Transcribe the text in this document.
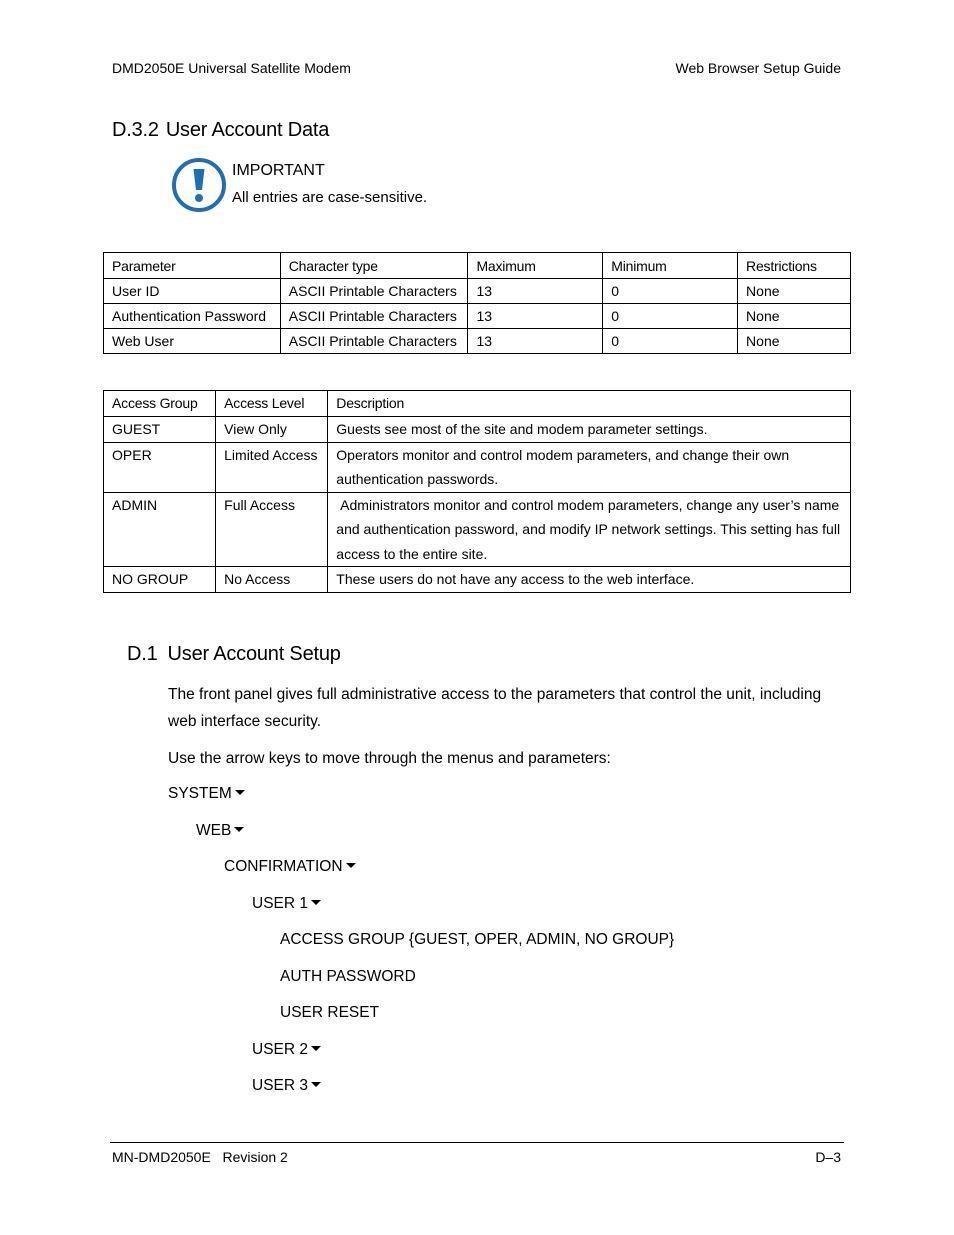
DMD2050E Universal Satellite Modem	Web Browser Setup Guide
D.3.2 User Account Data
IMPORTANT
All entries are case-sensitive.
Parameter	Character type	Maximum	Minimum	Restrictions
User ID	ASCII Printable Characters	13	0	None
Authentication Password	ASCII Printable Characters	13	0	None
Web User	ASCII Printable Characters	13	0	None
Access Group	Access Level	Description
GUEST	View Only	Guests see most of the site and modem parameter settings.
OPER	Limited Access	Operators monitor and control modem parameters, and change their own authentication passwords.
ADMIN	Full Access	Administrators monitor and control modem parameters, change any user’s name and authentication password, and modify IP network settings. This setting has full access to the entire site.
NO GROUP	No Access	These users do not have any access to the web interface.
D.1 User Account Setup
The front panel gives full administrative access to the parameters that control the unit, including web interface security.
Use the arrow keys to move through the menus and parameters:
SYSTEM
WEB
CONFIRMATION
USER 1
ACCESS GROUP {GUEST, OPER, ADMIN, NO GROUP}
AUTH PASSWORD
USER RESET
USER 2
USER 3
MN-DMD2050E   Revision 2	D–3
